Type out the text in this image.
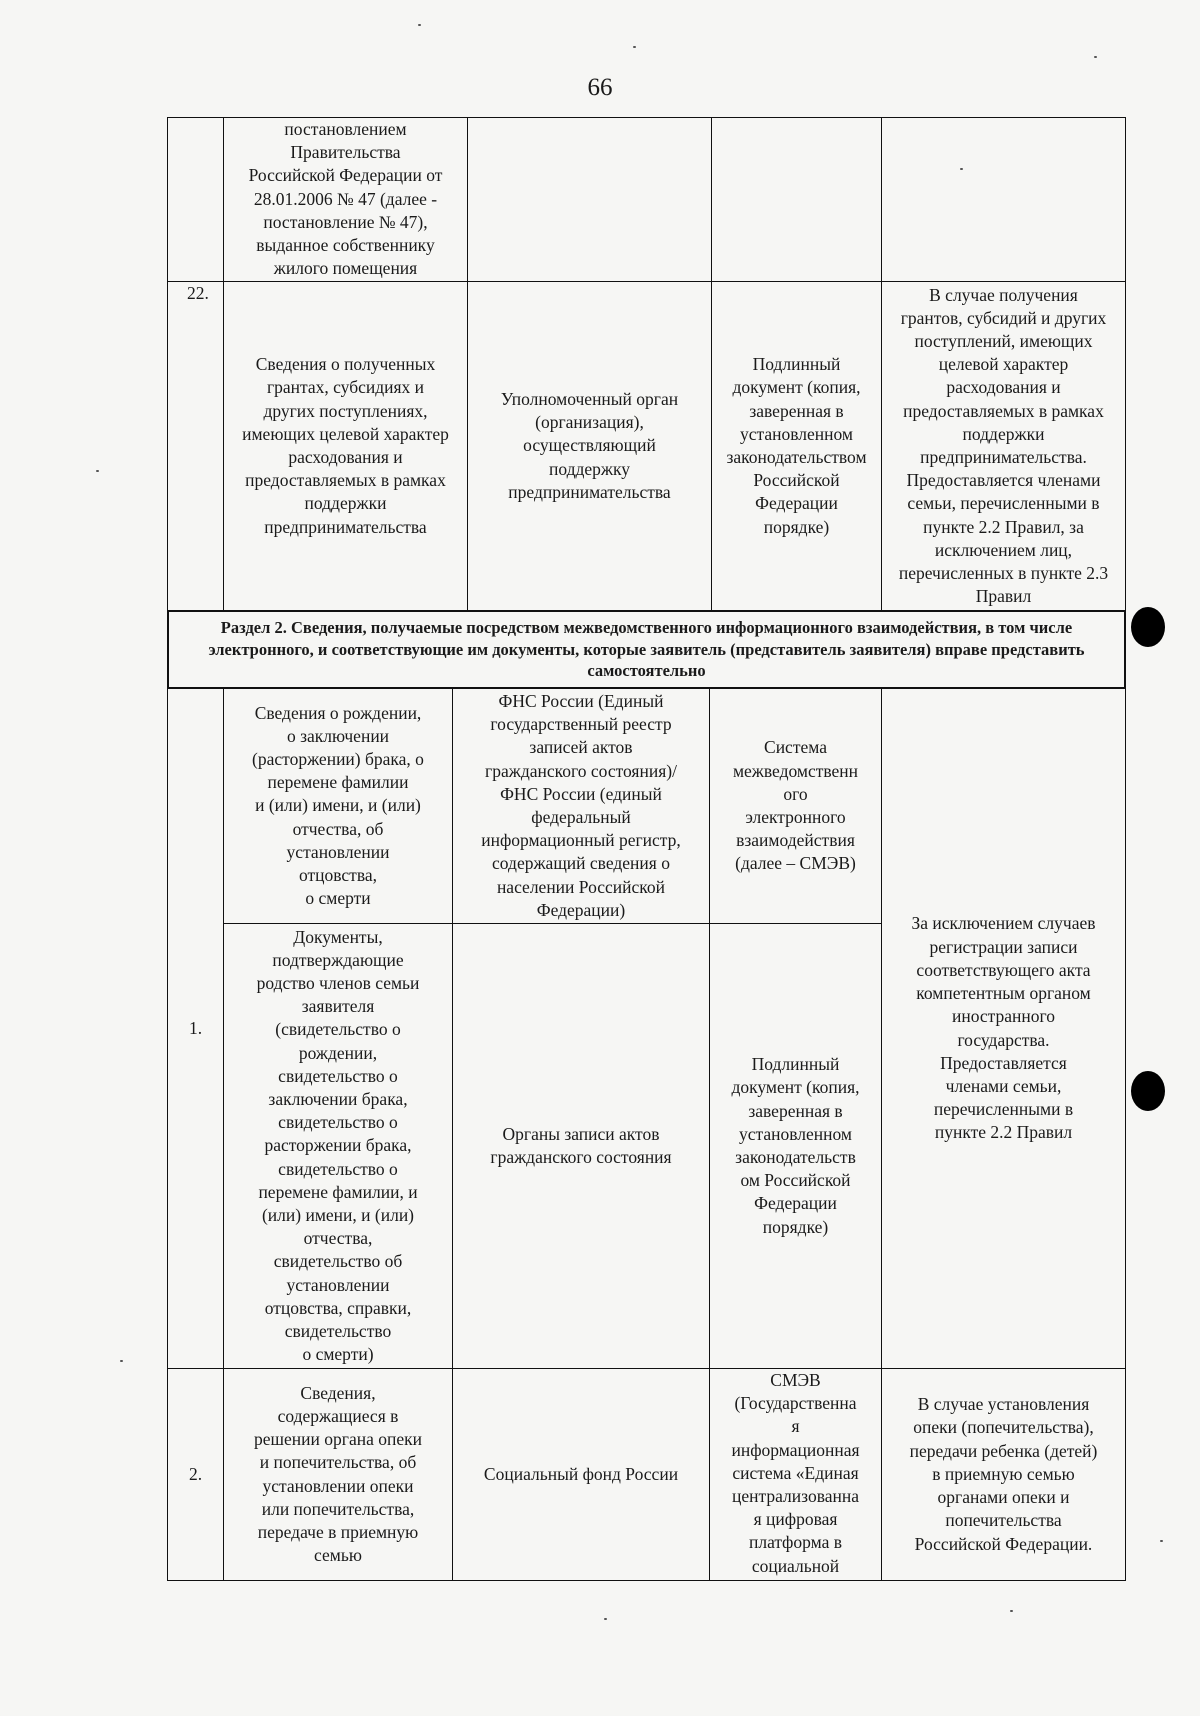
66
постановлением
Правительства
Российской Федерации от
28.01.2006 № 47 (далее -
постановление № 47),
выданное собственнику
жилого помещения
22.
Сведения о полученных
грантах, субсидиях и
других поступлениях,
имеющих целевой характер
расходования и
предоставляемых в рамках
поддержки
предпринимательства
Уполномоченный орган
(организация),
осуществляющий
поддержку
предпринимательства
Подлинный
документ (копия,
заверенная в
установленном
законодательством
Российской
Федерации
порядке)
В случае получения
грантов, субсидий и других
поступлений, имеющих
целевой характер
расходования и
предоставляемых в рамках
поддержки
предпринимательства.
Предоставляется членами
семьи, перечисленными в
пункте 2.2 Правил, за
исключением лиц,
перечисленных в пункте 2.3
Правил
Раздел 2. Сведения, получаемые посредством межведомственного информационного взаимодействия, в том числе электронного, и соответствующие им документы, которые заявитель (представитель заявителя) вправе представить самостоятельно
1.
Сведения о рождении,
о заключении
(расторжении) брака, о
перемене фамилии
и (или) имени, и (или)
отчества, об
установлении
отцовства,
о смерти
ФНС России (Единый
государственный реестр
записей актов
гражданского состояния)/
ФНС России (единый
федеральный
информационный регистр,
содержащий сведения о
населении Российской
Федерации)
Система
межведомственн
ого
электронного
взаимодействия
(далее – СМЭВ)
Документы,
подтверждающие
родство членов семьи
заявителя
(свидетельство о
рождении,
свидетельство о
заключении брака,
свидетельство о
расторжении брака,
свидетельство о
перемене фамилии, и
(или) имени, и (или)
отчества,
свидетельство об
установлении
отцовства, справки,
свидетельство
о смерти)
Органы записи актов
гражданского состояния
Подлинный
документ (копия,
заверенная в
установленном
законодательств
ом Российской
Федерации
порядке)
За исключением случаев
регистрации записи
соответствующего акта
компетентным органом
иностранного
государства.
Предоставляется
членами семьи,
перечисленными в
пункте 2.2 Правил
2.
Сведения,
содержащиеся в
решении органа опеки
и попечительства, об
установлении опеки
или попечительства,
передаче в приемную
семью
Социальный фонд России
СМЭВ
(Государственна
я
информационная
система «Единая
централизованна
я цифровая
платформа в
социальной
В случае установления
опеки (попечительства),
передачи ребенка (детей)
в приемную семью
органами опеки и
попечительства
Российской Федерации.
